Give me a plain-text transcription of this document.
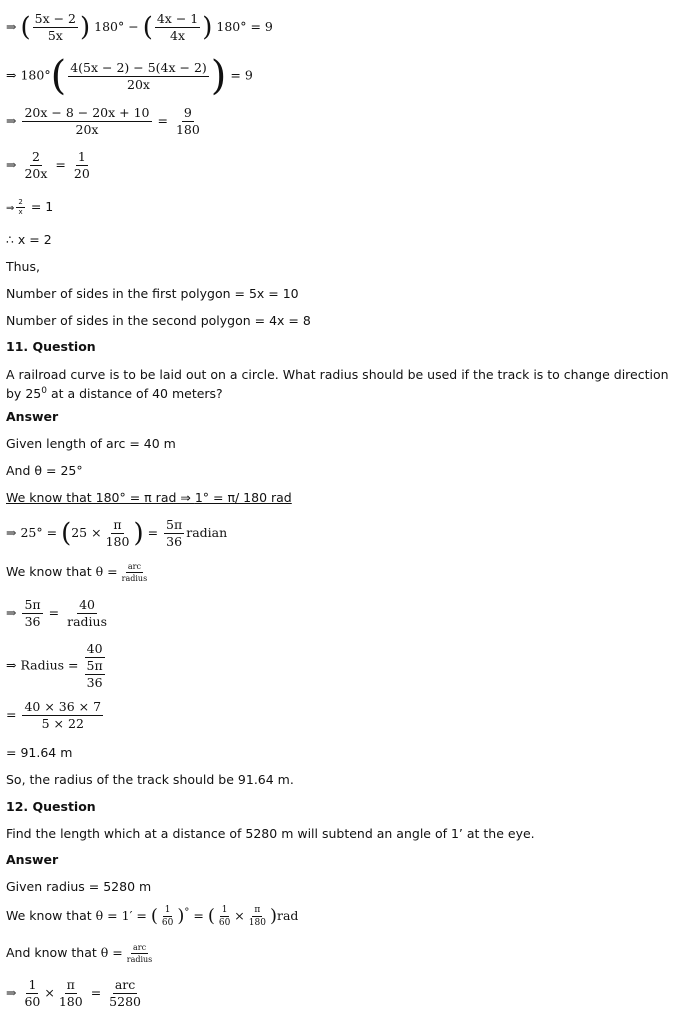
⇒ ( $\frac{5x - 2}{5x}$ ) 180° − ( $\frac{4x - 1}{4x}$ ) 180° = 9
⇒ $180^\circ( \frac{4(5x - 2) - 5(4x - 2)}{20x}$ ) = 9
⇒ $\frac{20x - 8 - 20x + 10}{20x} = \frac{9}{180}$
⇒ $\frac{2}{20x} = \frac{1}{20}$
⇒ $\frac{2}{x} = 1$
∴ x = 2
Thus,
Number of sides in the first polygon = 5x = 10
Number of sides in the second polygon = 4x = 8
11. Question
A railroad curve is to be laid out on a circle. What radius should be used if the track is to change direction by $25^0$ at a distance of 40 meters?
Answer
Given length of arc = 40 m
And θ = 25°
We know that 180° = π rad ⇒ 1° = π/ 180 rad
⇒ $25^\circ = (25 \times \frac{\pi}{180}$ ) = $\frac{5\pi}{36}$ radian
We know that θ = arc
radius
⇒ $\frac{5\pi}{36}$ =
40
radius
⇒ Radius = $\frac{40}{\frac{5\pi}{36}}$
= $\frac{40 \times 36 \times 7}{5 \times 22}$
= 91.64 m
So, the radius of the track should be 91.64 m.
12. Question
Find the length which at a distance of 5280 m will subtend an angle of 1’ at the eye.
Answer
Given radius = 5280 m
We know that θ = 1′ = ( $\frac{1}{60} )^\circ$ = ( $\frac{1}{60} \times \frac{\pi}{180} )rad$
And know that θ = arc
radius
⇒ $\frac{1}{60} \times \frac{\pi}{180}$ =
arc
5280
